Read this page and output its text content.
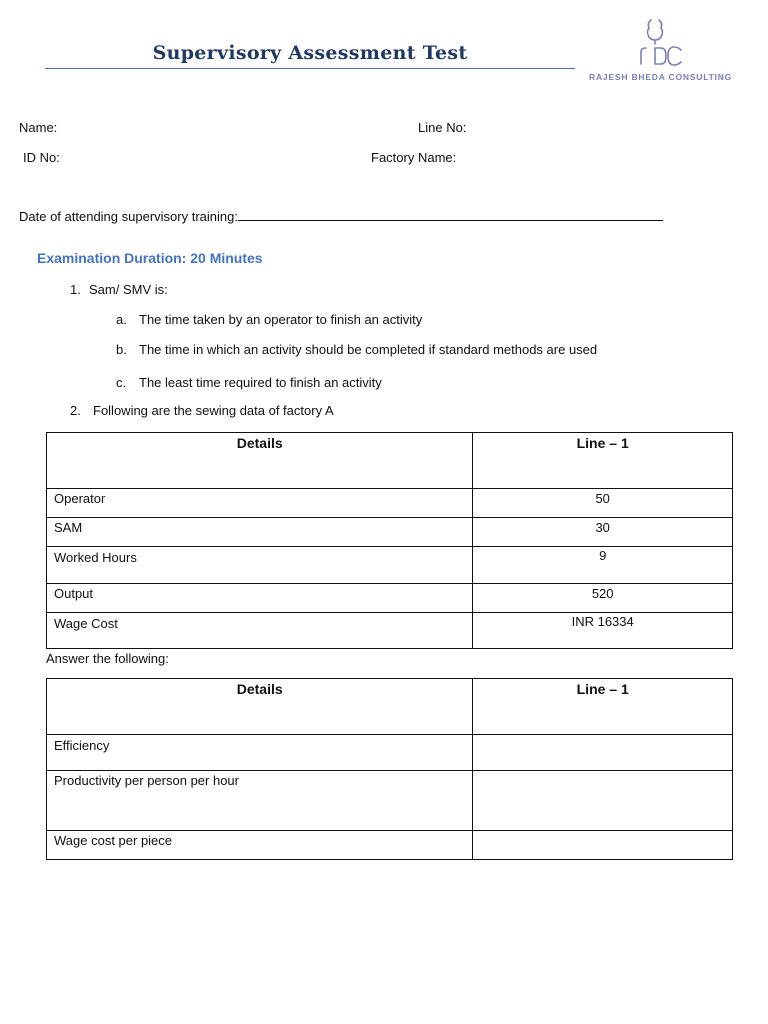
Supervisory Assessment Test
RAJESH BHEDA CONSULTING
Name:	Line No:
ID No:	Factory Name:
Date of attending supervisory training:
Examination Duration: 20 Minutes
1. Sam/ SMV is:
a. The time taken by an operator to finish an activity
b. The time in which an activity should be completed if standard methods are used
c. The least time required to finish an activity
2. Following are the sewing data of factory A
Details	Line – 1
Operator	50
SAM	30
Worked Hours	9
Output	520
Wage Cost	INR 16334
Answer the following:
Details	Line – 1
Efficiency	
Productivity per person per hour	
Wage cost per piece	
